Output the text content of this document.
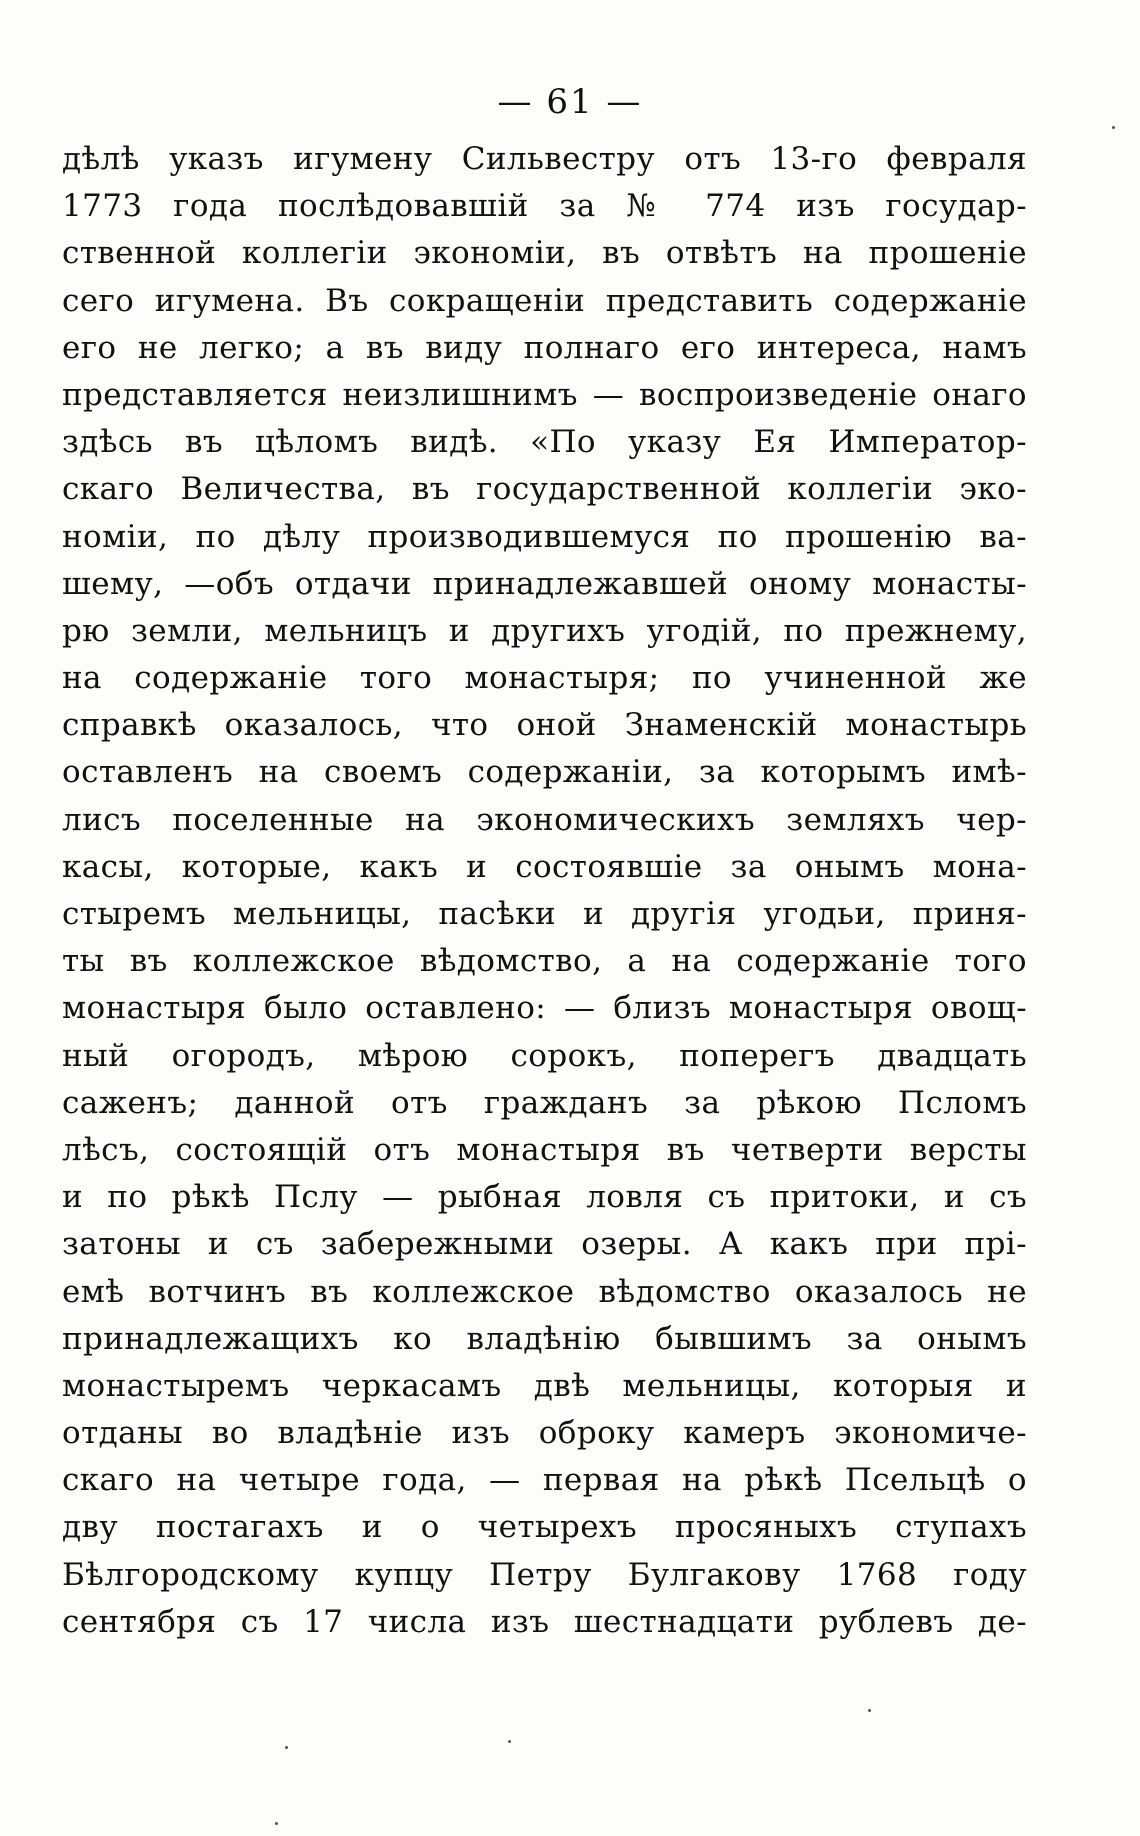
— 61 —
дѣлѣ указъ игумену Сильвестру отъ 13-го февраля
1773 года послѣдовавшій за № 774 изъ государ-
ственной коллегіи экономіи, въ отвѣтъ на прошеніе
сего игумена. Въ сокращеніи представить содержаніе
его не легко; а въ виду полнаго его интереса, намъ
представляется неизлишнимъ — воспроизведеніе онаго
здѣсь въ цѣломъ видѣ. «По указу Ея Император-
скаго Величества, въ государственной коллегіи эко-
номіи, по дѣлу производившемуся по прошенію ва-
шему, —объ отдачи принадлежавшей оному монасты-
рю земли, мельницъ и другихъ угодій, по прежнему,
на содержаніе того монастыря; по учиненной же
справкѣ оказалось, что оной Знаменскій монастырь
оставленъ на своемъ содержаніи, за которымъ имѣ-
лисъ поселенные на экономическихъ земляхъ чер-
касы, которые, какъ и состоявшіе за онымъ мона-
стыремъ мельницы, пасѣки и другія угодьи, приня-
ты въ коллежское вѣдомство, а на содержаніе того
монастыря было оставлено: — близъ монастыря овощ-
ный огородъ, мѣрою сорокъ, поперегъ двадцать
саженъ; данной отъ гражданъ за рѣкою Псломъ
лѣсъ, состоящій отъ монастыря въ четверти версты
и по рѣкѣ Пслу — рыбная ловля съ притоки, и съ
затоны и съ забережными озеры. А какъ при прі-
емѣ вотчинъ въ коллежское вѣдомство оказалось не
принадлежащихъ ко владѣнію бывшимъ за онымъ
монастыремъ черкасамъ двѣ мельницы, которыя и
отданы во владѣніе изъ оброку камеръ экономиче-
скаго на четыре года, — первая на рѣкѣ Псельцѣ о
дву постагахъ и о четырехъ просяныхъ ступахъ
Бѣлгородскому купцу Петру Булгакову 1768 году
сентября съ 17 числа изъ шестнадцати рублевъ де-
